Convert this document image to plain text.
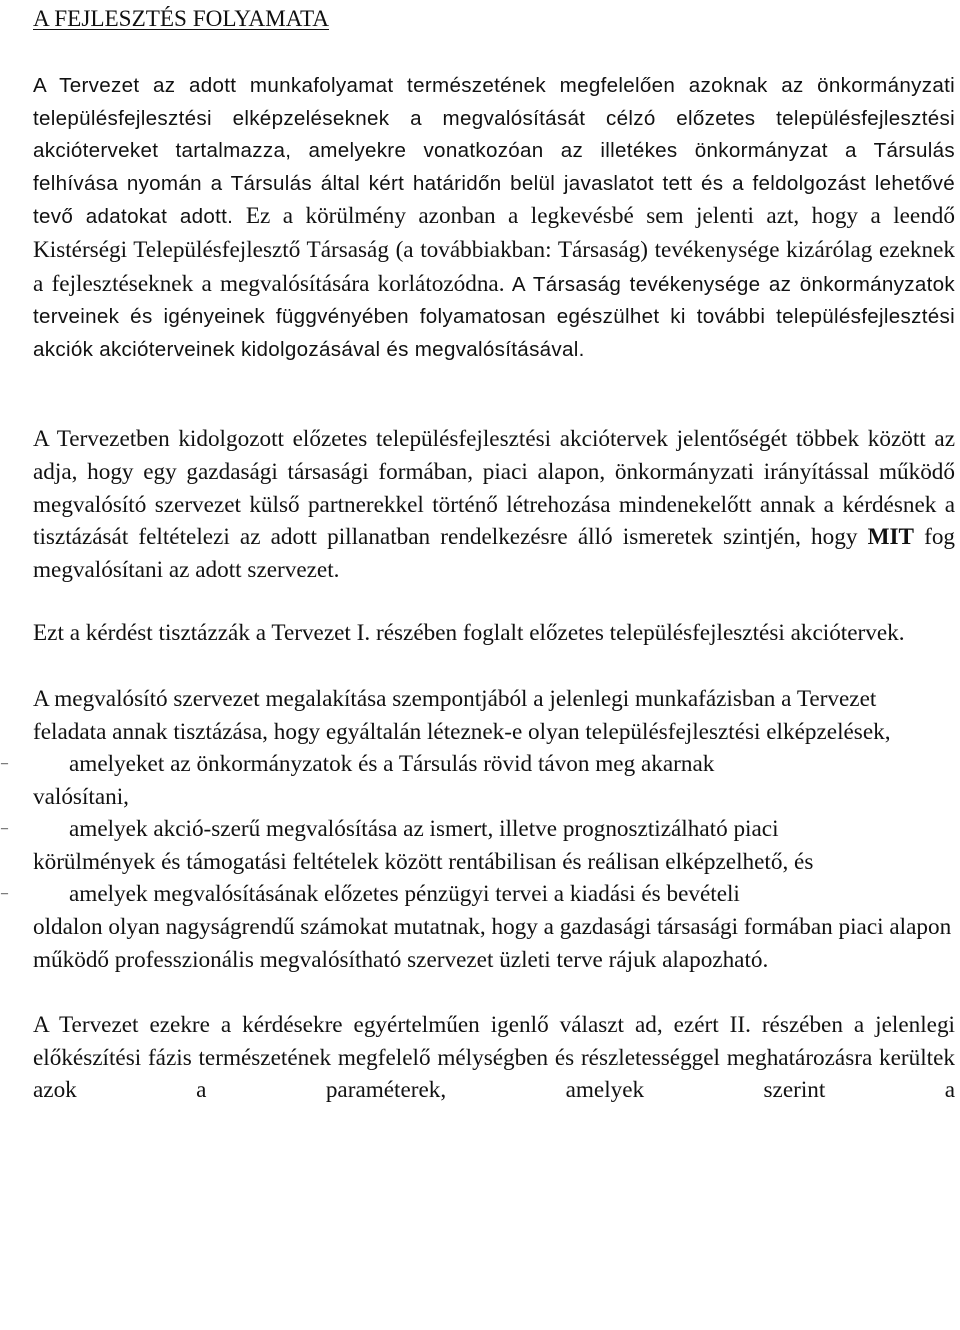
A FEJLESZTÉS FOLYAMATA

A Tervezet az adott munkafolyamat természetének megfelelően azoknak az önkormányzati településfejlesztési elképzeléseknek a megvalósítását célzó előzetes településfejlesztési akcióterveket tartalmazza, amelyekre vonatkozóan az illetékes önkormányzat a Társulás felhívása nyomán a Társulás által kért határidőn belül javaslatot tett és a feldolgozást lehetővé tevő adatokat adott. Ez a körülmény azonban a legkevésbé sem jelenti azt, hogy a leendő Kistérségi Településfejlesztő Társaság (a továbbiakban: Társaság) tevékenysége kizárólag ezeknek a fejlesztéseknek a megvalósítására korlátozódna. A Társaság tevékenysége az önkormányzatok terveinek és igényeinek függvényében folyamatosan egészülhet ki további településfejlesztési akciók akcióterveinek kidolgozásával és megvalósításával.

A Tervezetben kidolgozott előzetes településfejlesztési akciótervek jelentőségét többek között az adja, hogy egy gazdasági társasági formában, piaci alapon, önkormányzati irányítással működő megvalósító szervezet külső partnerekkel történő létrehozása mindenekelőtt annak a kérdésnek a tisztázását feltételezi az adott pillanatban rendelkezésre álló ismeretek szintjén, hogy MIT fog megvalósítani az adott szervezet.

Ezt a kérdést tisztázzák a Tervezet I. részében foglalt előzetes településfejlesztési akciótervek.

A megvalósító szervezet megalakítása szempontjából a jelenlegi munkafázisban a Tervezet feladata annak tisztázása, hogy egyáltalán léteznek-e olyan településfejlesztési elképzelések,

–	amelyeket az önkormányzatok és a Társulás rövid távon meg akarnak
valósítani,
–	amelyek akció-szerű megvalósítása az ismert, illetve prognosztizálható piaci
körülmények és támogatási feltételek között rentábilisan és reálisan elképzelhető, és
–	amelyek megvalósításának előzetes pénzügyi tervei a kiadási és bevételi
oldalon olyan nagyságrendű számokat mutatnak, hogy a gazdasági társasági formában piaci alapon működő professzionális megvalósítható szervezet üzleti terve rájuk alapozható.

A Tervezet ezekre a kérdésekre egyértelműen igenlő választ ad, ezért II. részében a jelenlegi előkészítési fázis természetének megfelelő mélységben és részletességgel meghatározásra kerültek azok a paraméterek, amelyek szerint a
